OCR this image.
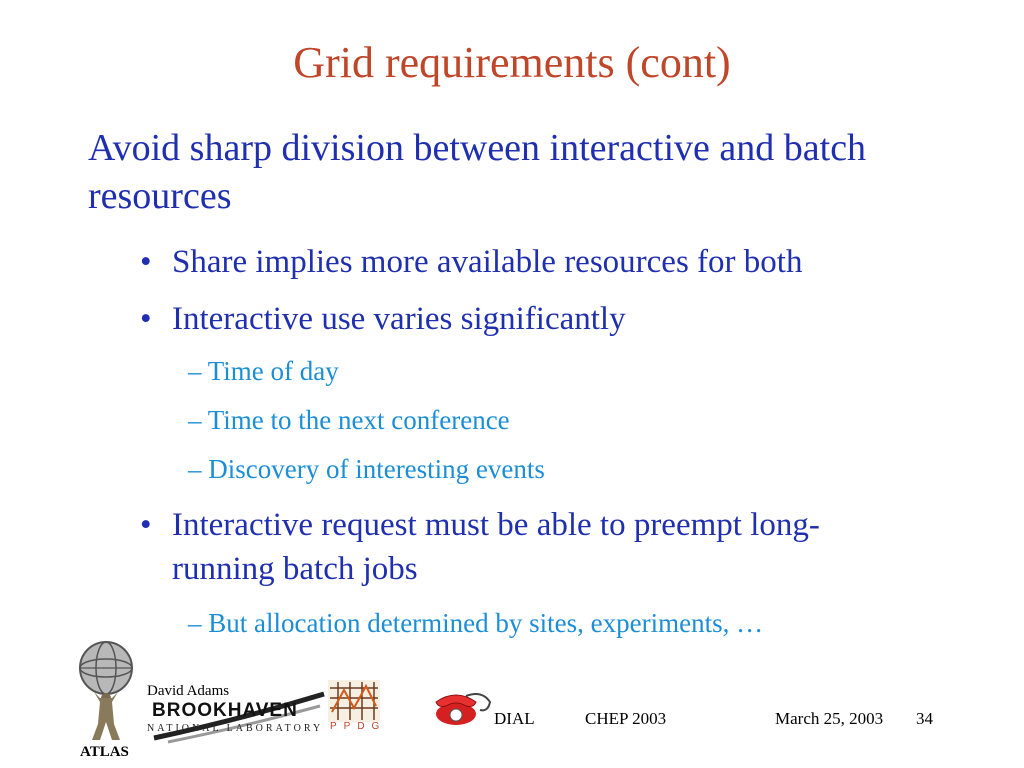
Grid requirements (cont)
Avoid sharp division between interactive and batch resources
• Share implies more available resources for both
• Interactive use varies significantly
– Time of day
– Time to the next conference
– Discovery of interesting events
• Interactive request must be able to preempt long-running batch jobs
– But allocation determined by sites, experiments, …
ATLAS
David Adams
BROOKHAVEN
NATIONAL LABORATORY PPDG	DIAL	CHEP 2003	March 25, 2003 34
